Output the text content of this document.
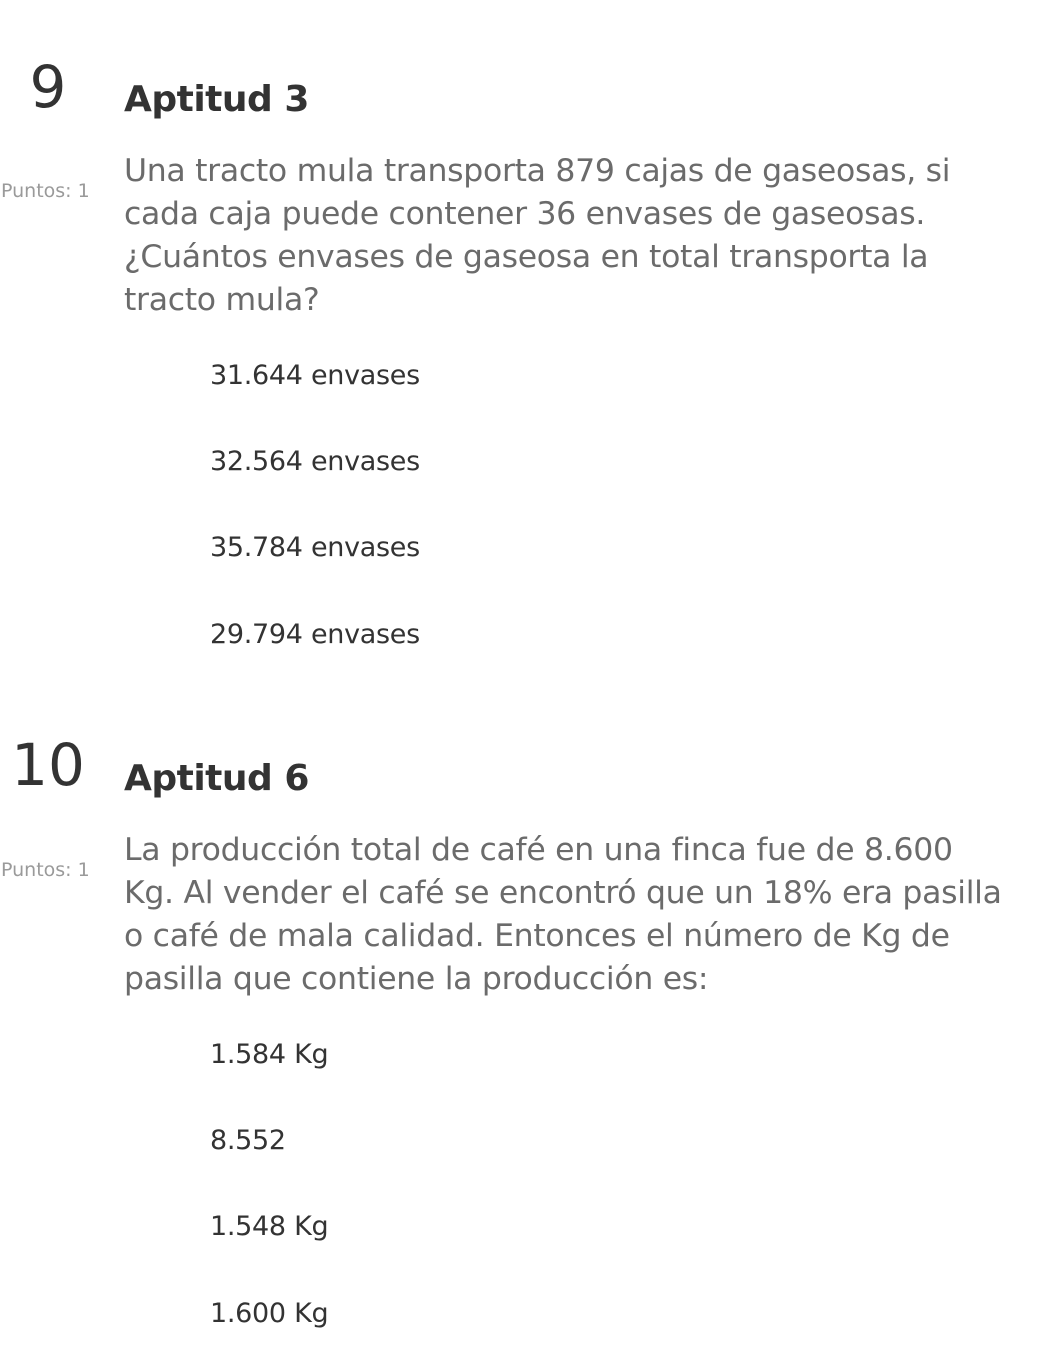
9	Aptitud 3
Puntos: 1

Una tracto mula transporta 879 cajas de gaseosas, si cada caja puede contener 36 envases de gaseosas. ¿Cuántos envases de gaseosa en total transporta la tracto mula?

31.644 envases
32.564 envases
35.784 envases
29.794 envases
10	Aptitud 6
Puntos: 1

La producción total de café en una finca fue de 8.600 Kg. Al vender el café se encontró que un 18% era pasilla o café de mala calidad. Entonces el número de Kg de pasilla que contiene la producción es:

1.584 Kg
8.552
1.548 Kg
1.600 Kg
